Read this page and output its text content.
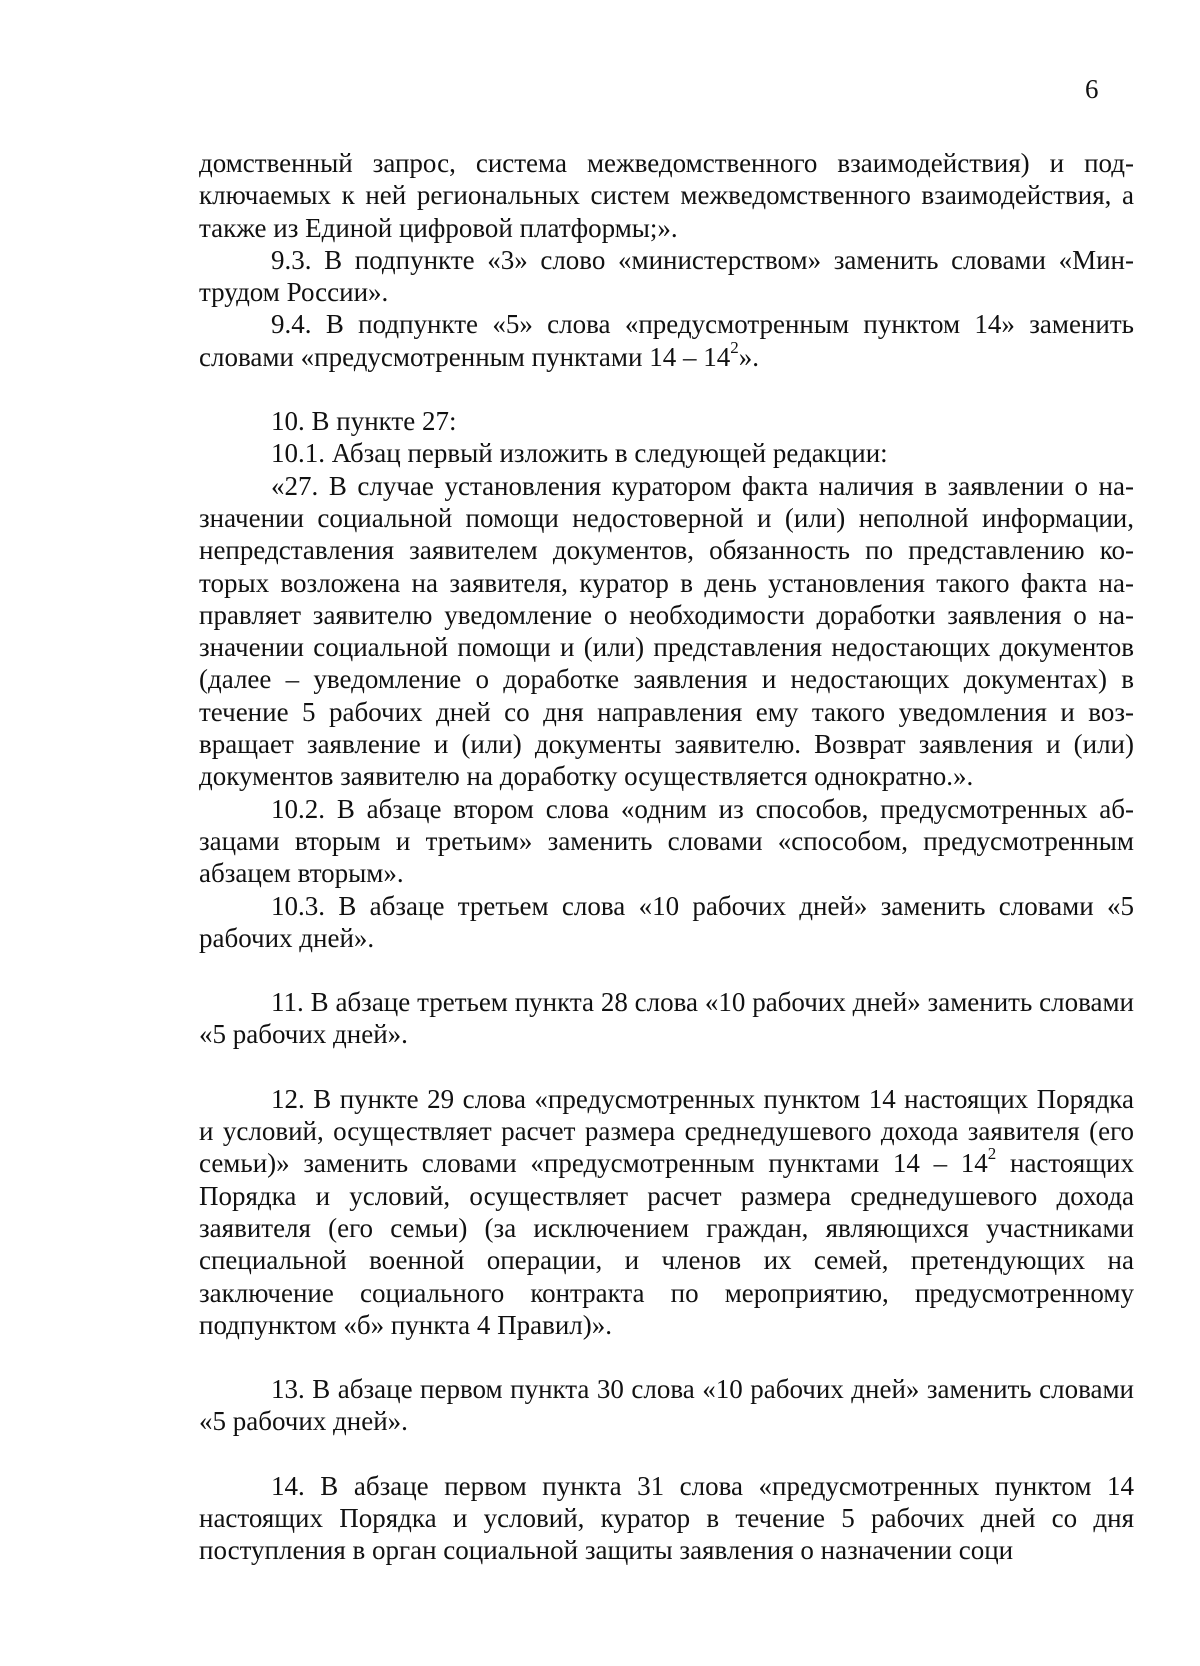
6

домственный запрос, система межведомственного взаимодействия) и подключаемых к ней региональных систем межведомственного взаимодействия, а также из Единой цифровой платформы;».

9.3. В подпункте «3» слово «министерством» заменить словами «Минтрудом России».

9.4. В подпункте «5» слова «предусмотренным пунктом 14» заменить словами «предусмотренным пунктами $14 - 14^2$».

10. В пункте 27:

10.1. Абзац первый изложить в следующей редакции:

«27. В случае установления куратором факта наличия в заявлении о назначении социальной помощи недостоверной и (или) неполной информации, непредставления заявителем документов, обязанность по представлению которых возложена на заявителя, куратор в день установления такого факта направляет заявителю уведомление о необходимости доработки заявления о назначении социальной помощи и (или) представления недостающих документов (далее – уведомление о доработке заявления и недостающих документах) в течение 5 рабочих дней со дня направления ему такого уведомления и возвращает заявление и (или) документы заявителю. Возврат заявления и (или) документов заявителю на доработку осуществляется однократно.».

10.2. В абзаце втором слова «одним из способов, предусмотренных абзацами вторым и третьим» заменить словами «способом, предусмотренным абзацем вторым».

10.3. В абзаце третьем слова «10 рабочих дней» заменить словами «5 рабочих дней».

11. В абзаце третьем пункта 28 слова «10 рабочих дней» заменить словами «5 рабочих дней».

12. В пункте 29 слова «предусмотренных пунктом 14 настоящих Порядка и условий, осуществляет расчет размера среднедушевого дохода заявителя (его семьи)» заменить словами «предусмотренным пунктами $14 - 14^2$ настоящих Порядка и условий, осуществляет расчет размера среднедушевого дохода заявителя (его семьи) (за исключением граждан, являющихся участниками специальной военной операции, и членов их семей, претендующих на заключение социального контракта по мероприятию, предусмотренному подпунктом «б» пункта 4 Правил)».

13. В абзаце первом пункта 30 слова «10 рабочих дней» заменить словами «5 рабочих дней».

14. В абзаце первом пункта 31 слова «предусмотренных пунктом 14 настоящих Порядка и условий, куратор в течение 5 рабочих дней со дня поступления в орган социальной защиты заявления о назначении соци
